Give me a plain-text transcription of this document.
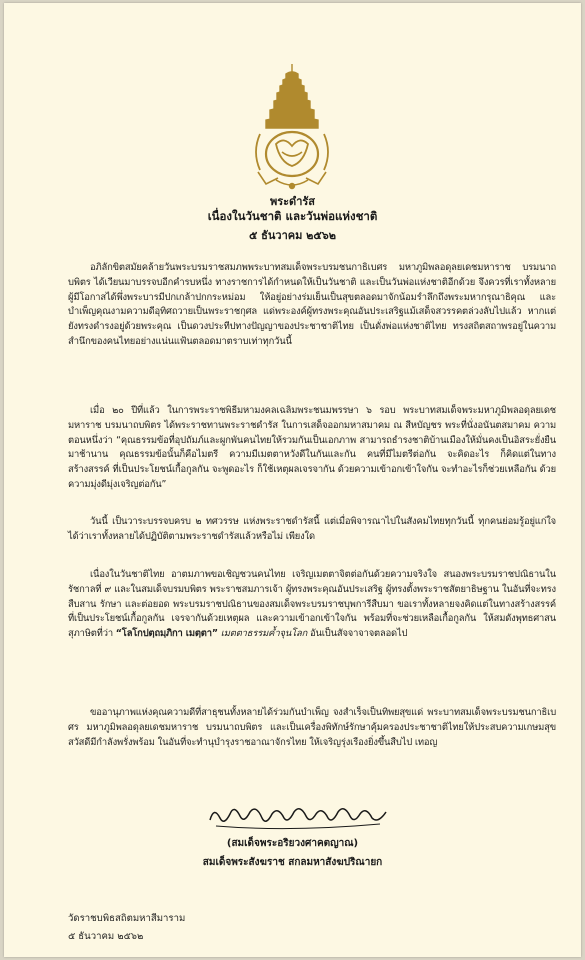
พระดำรัส
เนื่องในวันชาติ และวันพ่อแห่งชาติ
๕ ธันวาคม ๒๕๖๒

อภิลักขิตสมัยคล้ายวันพระบรมราชสมภพพระบาทสมเด็จพระบรมชนกาธิเบศร มหาภูมิพลอดุลยเดชมหาราช บรมนาถบพิตร ได้เวียนมาบรรจบอีกคำรบหนึ่ง ทางราชการได้กำหนดให้เป็นวันชาติ และเป็นวันพ่อแห่งชาติอีกด้วย จึงควรที่เราทั้งหลาย ผู้มีโอกาสได้พึ่งพระบารมีปกเกล้าปกกระหม่อม ให้อยู่อย่างร่มเย็นเป็นสุขตลอดมาจักน้อมรำลึกถึงพระมหากรุณาธิคุณ และบำเพ็ญคุณงามความดีอุทิศถวายเป็นพระราชกุศล แด่พระองค์ผู้ทรงพระคุณอันประเสริฐแม้เสด็จสวรรคตล่วงลับไปแล้ว หากแต่ยังทรงดำรงอยู่ด้วยพระคุณ เป็นดวงประทีปทางปัญญาของประชาชาติไทย เป็นดั่งพ่อแห่งชาติไทย ทรงสถิตสถาพรอยู่ในความสำนึกของคนไทยอย่างแน่นแฟ้นตลอดมาตราบเท่าทุกวันนี้

เมื่อ ๒๐ ปีที่แล้ว ในการพระราชพิธีมหามงคลเฉลิมพระชนมพรรษา ๖ รอบ พระบาทสมเด็จพระมหาภูมิพลอดุลยเดชมหาราช บรมนาถบพิตร ได้พระราชทานพระราชดำรัส ในการเสด็จออกมหาสมาคม ณ สีหบัญชร พระที่นั่งอนันตสมาคม ความตอนหนึ่งว่า “คุณธรรมข้อที่อุปถัมภ์และผูกพันคนไทยให้รวมกันเป็นเอกภาพ สามารถธำรงชาติบ้านเมืองให้มั่นคงเป็นอิสระยั่งยืนมาช้านาน คุณธรรมข้อนั้นก็คือไมตรี ความมีเมตตาหวังดีในกันและกัน คนที่มีไมตรีต่อกัน จะคิดอะไร ก็คิดแต่ในทางสร้างสรรค์ ที่เป็นประโยชน์เกื้อกูลกัน จะพูดอะไร ก็ใช้เหตุผลเจรจากัน ด้วยความเข้าอกเข้าใจกัน จะทำอะไรก็ช่วยเหลือกัน ด้วยความมุ่งดีมุ่งเจริญต่อกัน”

วันนี้ เป็นวาระบรรจบครบ ๒ ทศวรรษ แห่งพระราชดำรัสนี้ แต่เมื่อพิจารณาไปในสังคมไทยทุกวันนี้ ทุกคนย่อมรู้อยู่แก่ใจได้ว่าเราทั้งหลายได้ปฏิบัติตามพระราชดำรัสแล้วหรือไม่ เพียงใด

เนื่องในวันชาติไทย อาตมภาพขอเชิญชวนคนไทย เจริญเมตตาจิตต่อกันด้วยความจริงใจ สนองพระบรมราชปณิธานในรัชกาลที่ ๙ และในสมเด็จบรมบพิตร พระราชสมภารเจ้า ผู้ทรงพระคุณอันประเสริฐ ผู้ทรงตั้งพระราชสัตยาธิษฐาน ในอันที่จะทรงสืบสาน รักษา และต่อยอด พระบรมราชปณิธานของสมเด็จพระบรมราชบุพการีสืบมา ขอเราทั้งหลายจงคิดแต่ในทางสร้างสรรค์ ที่เป็นประโยชน์เกื้อกูลกัน เจรจากันด้วยเหตุผล และความเข้าอกเข้าใจกัน พร้อมที่จะช่วยเหลือเกื้อกูลกัน ให้สมดังพุทธศาสนสุภาษิตที่ว่า “โลโกปตฺถมฺภิกา เมตฺตา” เมตตาธรรมค้ำจุนโลก อันเป็นสัจจาจาจตลอดไป

ขออานุภาพแห่งคุณความดีที่สาธุชนทั้งหลายได้ร่วมกันบำเพ็ญ จงสำเร็จเป็นทิพยสุขแด่ พระบาทสมเด็จพระบรมชนกาธิเบศร มหาภูมิพลอดุลยเดชมหาราช บรมนาถบพิตร และเป็นเครื่องพิทักษ์รักษาคุ้มครองประชาชาติไทยให้ประสบความเกษมสุขสวัสดีมีกำลังพรั่งพร้อม ในอันที่จะทำนุบำรุงราชอาณาจักรไทย ให้เจริญรุ่งเรืองยิ่งขึ้นสืบไป เทอญ

(สมเด็จพระอริยวงศาคตญาณ)
สมเด็จพระสังฆราช สกลมหาสังฆปริณายก
วัดราชบพิธสถิตมหาสีมาราม
๕ ธันวาคม ๒๕๖๒
